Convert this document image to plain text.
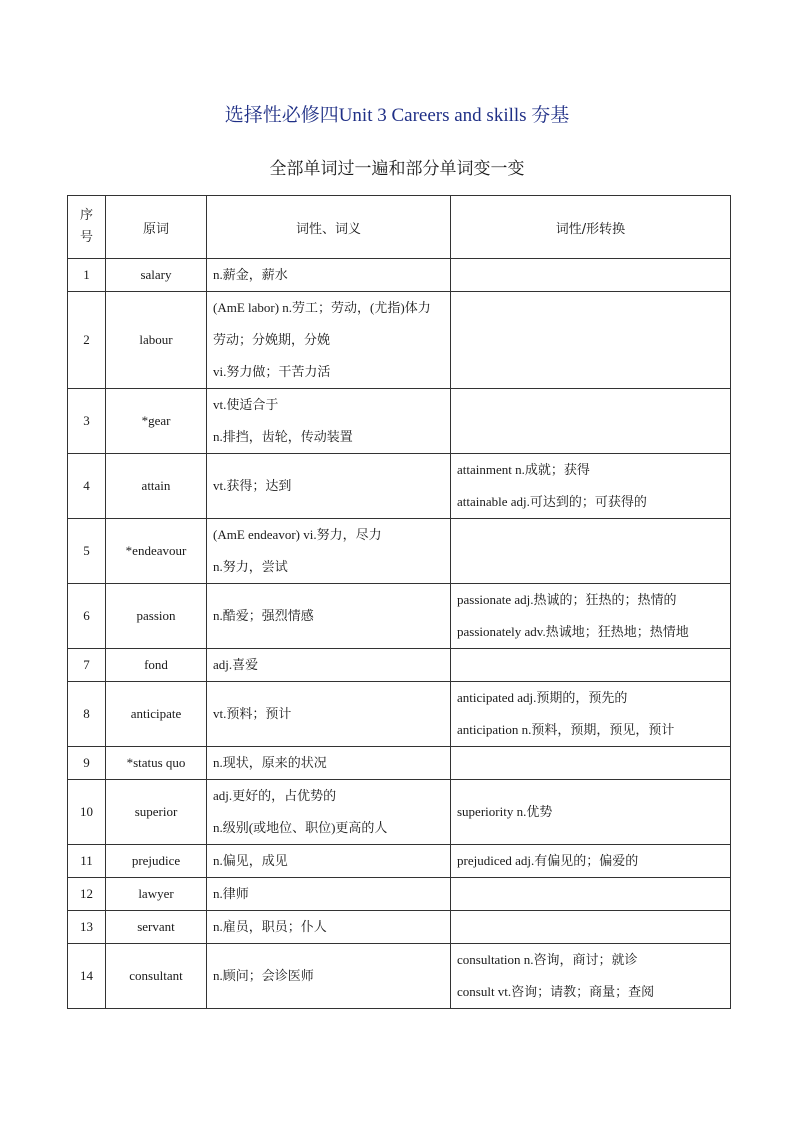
选择性必修四Unit 3 Careers and skills 夯基
全部单词过一遍和部分单词变一变
序
号	原词	词性、词义	词性/形转换
1	salary	n.薪金，薪水	

2	labour	(AmE labor) n.劳工；劳动，(尤指)体力
劳动；分娩期，分娩
vi.努力做；干苦力活	

3	*gear	vt.使适合于
n.排挡，齿轮，传动装置	

4	attain	vt.获得；达到	attainment n.成就；获得
attainable adj.可达到的；可获得的

5	*endeavour	(AmE endeavor) vi.努力，尽力
n.努力，尝试	

6	passion	n.酷爱；强烈情感	passionate adj.热诚的；狂热的；热情的
passionately adv.热诚地；狂热地；热情地

7	fond	adj.喜爱	

8	anticipate	vt.预料；预计	anticipated adj.预期的，预先的
anticipation n.预料，预期，预见，预计

9	*status quo	n.现状，原来的状况	

10	superior	adj.更好的，占优势的
n.级别(或地位、职位)更高的人	superiority n.优势

11	prejudice	n.偏见，成见	prejudiced adj.有偏见的；偏爱的

12	lawyer	n.律师	

13	servant	n.雇员，职员；仆人	

14	consultant	n.顾问；会诊医师	consultation n.咨询，商讨；就诊
consult vt.咨询；请教；商量；查阅
